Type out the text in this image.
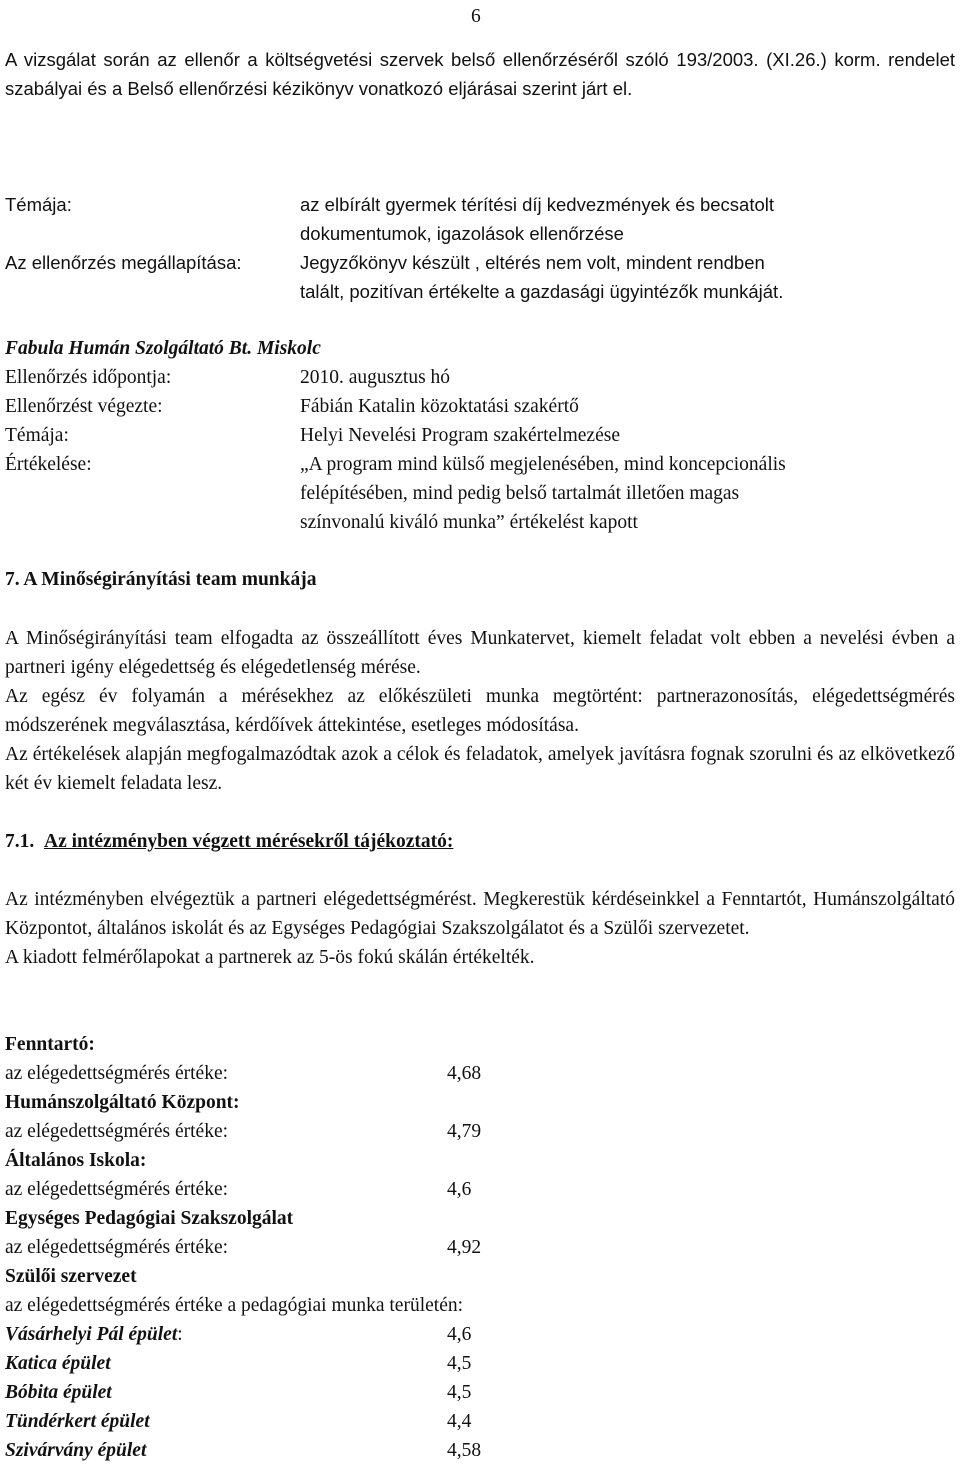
6
A vizsgálat során az ellenőr a költségvetési szervek belső ellenőrzéséről szóló 193/2003. (XI.26.) korm. rendelet szabályai és a Belső ellenőrzési kézikönyv vonatkozó eljárásai szerint járt el.
Témája:	az elbírált gyermek térítési díj kedvezmények és becsatolt
dokumentumok, igazolások ellenőrzése
Az ellenőrzés megállapítása:	Jegyzőkönyv készült , eltérés nem volt, mindent rendben
talált, pozitívan értékelte a gazdasági ügyintézők munkáját.
Fabula Humán Szolgáltató Bt. Miskolc
Ellenőrzés időpontja:	2010. augusztus hó
Ellenőrzést végezte:	Fábián Katalin közoktatási szakértő
Témája:	Helyi Nevelési Program szakértelmezése
Értékelése:	„A program mind külső megjelenésében, mind koncepcionális
felépítésében, mind pedig belső tartalmát illetően magas
színvonalú kiváló munka” értékelést kapott
7. A Minőségirányítási team munkája
A Minőségirányítási team elfogadta az összeállított éves Munkatervet, kiemelt feladat volt ebben a nevelési évben a partneri igény elégedettség és elégedetlenség mérése.
Az egész év folyamán a mérésekhez az előkészületi munka megtörtént: partnerazonosítás, elégedettségmérés módszerének megválasztása, kérdőívek áttekintése, esetleges módosítása.
Az értékelések alapján megfogalmazódtak azok a célok és feladatok, amelyek javításra fognak szorulni és az elkövetkező két év kiemelt feladata lesz.
7.1. Az intézményben végzett mérésekről tájékoztató:
Az intézményben elvégeztük a partneri elégedettségmérést. Megkerestük kérdéseinkkel a Fenntartót, Humánszolgáltató Központot, általános iskolát és az Egységes Pedagógiai Szakszolgálatot és a Szülői szervezetet.
A kiadott felmérőlapokat a partnerek az 5-ös fokú skálán értékelték.
Fenntartó:
az elégedettségmérés értéke:	4,68
Humánszolgáltató Központ:
az elégedettségmérés értéke:	4,79
Általános Iskola:
az elégedettségmérés értéke:	4,6
Egységes Pedagógiai Szakszolgálat
az elégedettségmérés értéke:	4,92
Szülői szervezet
az elégedettségmérés értéke a pedagógiai munka területén:
Vásárhelyi Pál épület:	4,6
Katica épület	4,5
Bóbita épület	4,5
Tündérkert épület	4,4
Szivárvány épület	4,58
